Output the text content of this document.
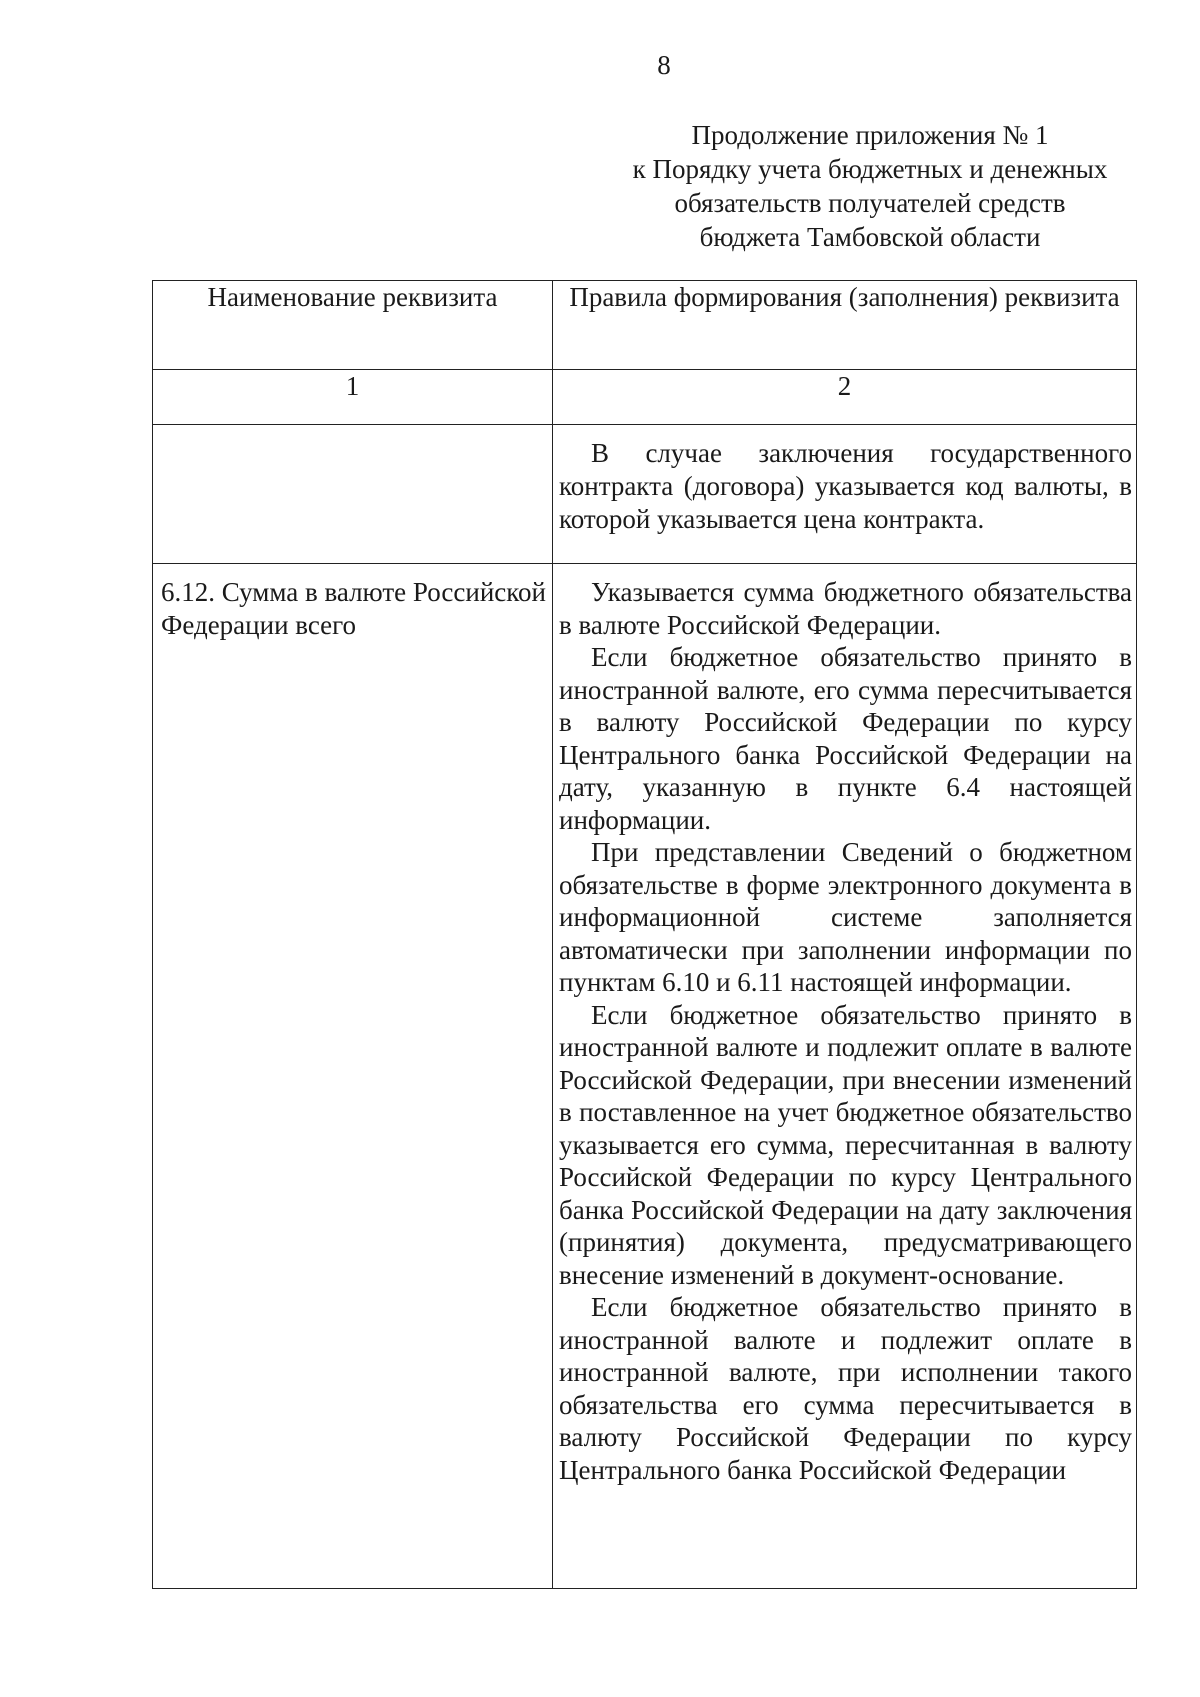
8
Продолжение приложения № 1
к Порядку учета бюджетных и денежных
обязательств получателей средств
бюджета Тамбовской области
Наименование реквизита	Правила формирования (заполнения) реквизита
1	2

	В случае заключения государственного контракта (договора) указывается код валюты, в которой указывается цена контракта.

6.12. Сумма в валюте Российской Федерации всего	Указывается сумма бюджетного обязательства в валюте Российской Федерации.

Если бюджетное обязательство принято в иностранной валюте, его сумма пересчитывается в валюту Российской Федерации по курсу Центрального банка Российской Федерации на дату, указанную в пункте 6.4 настоящей информации.

При представлении Сведений о бюджетном обязательстве в форме электронного документа в информационной системе заполняется автоматически при заполнении информации по пунктам 6.10 и 6.11 настоящей информации.

Если бюджетное обязательство принято в иностранной валюте и подлежит оплате в валюте Российской Федерации, при внесении изменений в поставленное на учет бюджетное обязательство указывается его сумма, пересчитанная в валюту Российской Федерации по курсу Центрального банка Российской Федерации на дату заключения (принятия) документа, предусматривающего внесение изменений в документ-основание.

Если бюджетное обязательство принято в иностранной валюте и подлежит оплате в иностранной валюте, при исполнении такого обязательства его сумма пересчитывается в валюту Российской Федерации по курсу Центрального банка Российской Федерации
